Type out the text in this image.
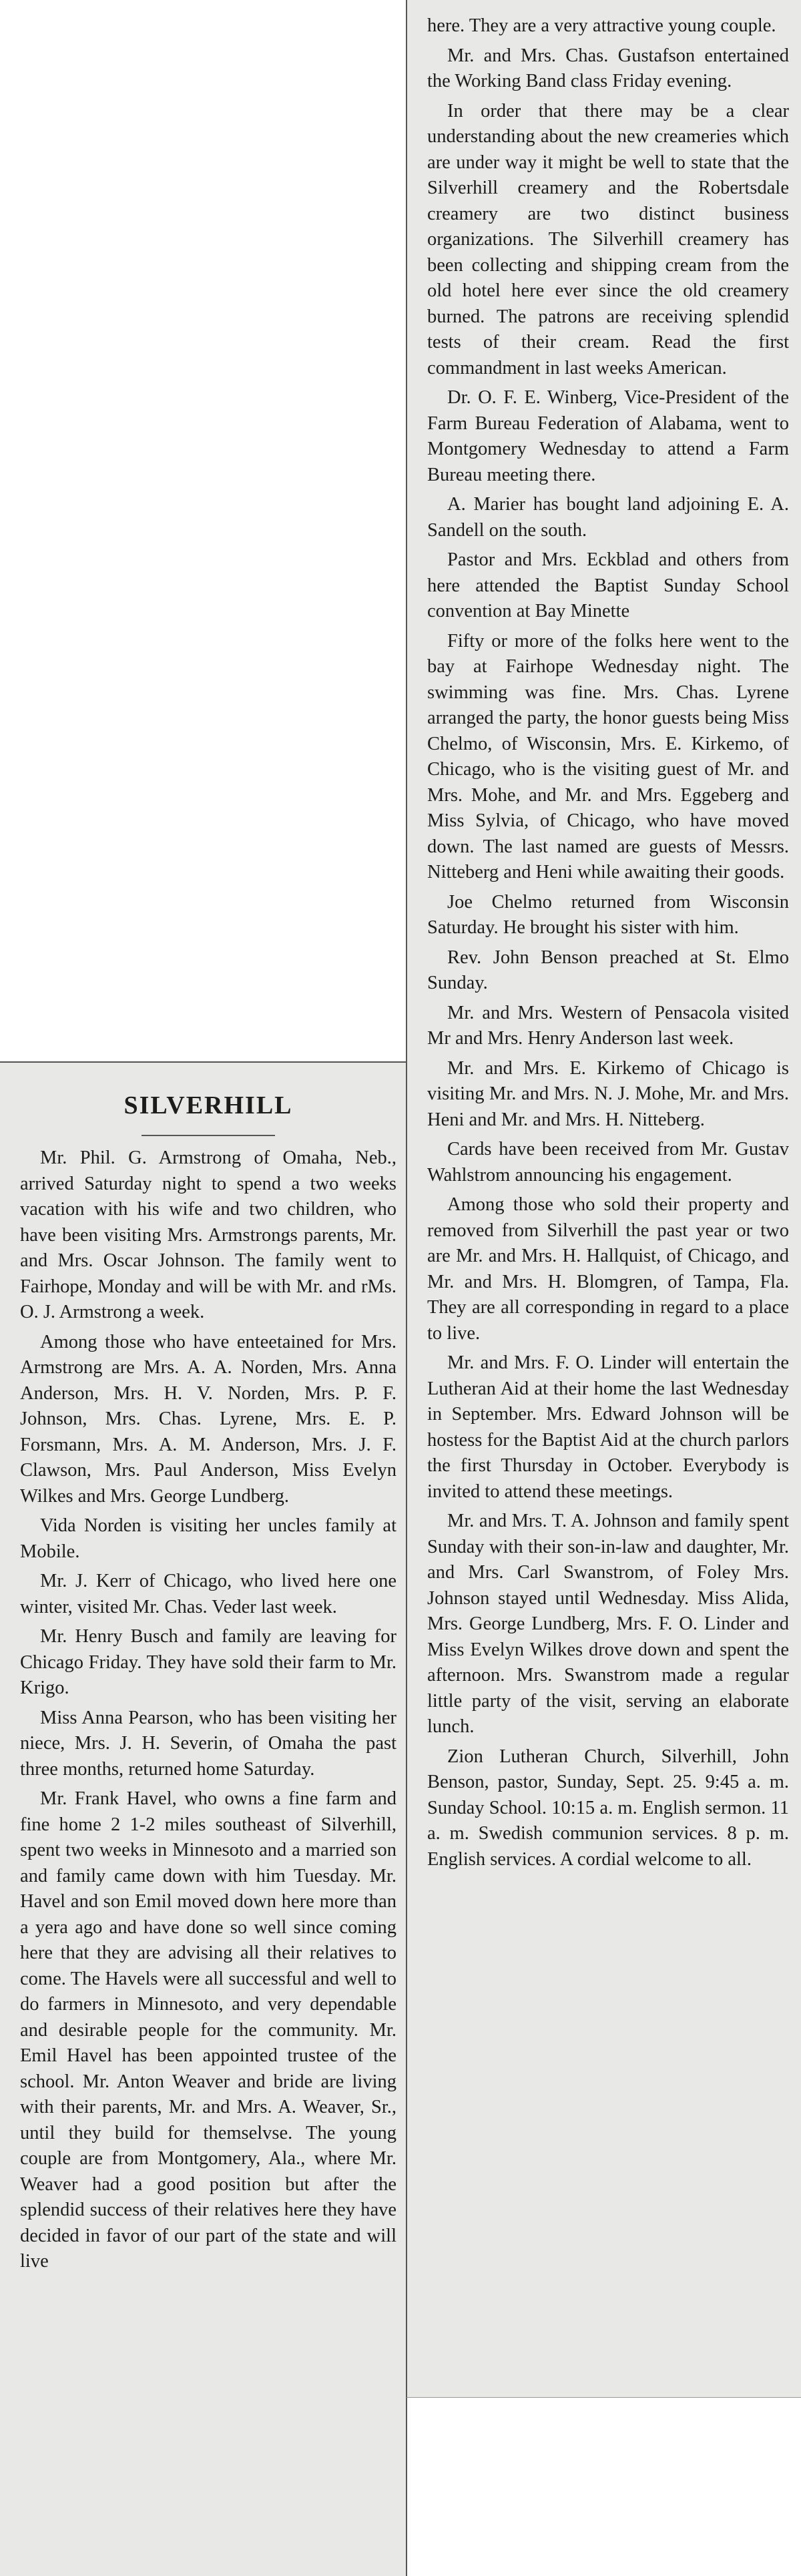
SILVERHILL

Mr. Phil. G. Armstrong of Omaha, Neb., arrived Saturday night to spend a two weeks vacation with his wife and two children, who have been visiting Mrs. Armstrongs parents, Mr. and Mrs. Oscar Johnson. The family went to Fairhope, Monday and will be with Mr. and rMs. O. J. Armstrong a week.

Among those who have enteetained for Mrs. Armstrong are Mrs. A. A. Norden, Mrs. Anna Anderson, Mrs. H. V. Norden, Mrs. P. F. Johnson, Mrs. Chas. Lyrene, Mrs. E. P. Forsmann, Mrs. A. M. Anderson, Mrs. J. F. Clawson, Mrs. Paul Anderson, Miss Evelyn Wilkes and Mrs. George Lundberg.

Vida Norden is visiting her uncles family at Mobile.

Mr. J. Kerr of Chicago, who lived here one winter, visited Mr. Chas. Veder last week.

Mr. Henry Busch and family are leaving for Chicago Friday. They have sold their farm to Mr. Krigo.

Miss Anna Pearson, who has been visiting her niece, Mrs. J. H. Severin, of Omaha the past three months, returned home Saturday.

Mr. Frank Havel, who owns a fine farm and fine home 2 1-2 miles southeast of Silverhill, spent two weeks in Minnesoto and a married son and family came down with him Tuesday. Mr. Havel and son Emil moved down here more than a yera ago and have done so well since coming here that they are advising all their relatives to come. The Havels were all successful and well to do farmers in Minnesoto, and very dependable and desirable people for the community. Mr. Emil Havel has been appointed trustee of the school. Mr. Anton Weaver and bride are living with their parents, Mr. and Mrs. A. Weaver, Sr., until they build for themselvse. The young couple are from Montgomery, Ala., where Mr. Weaver had a good position but after the splendid success of their relatives here they have decided in favor of our part of the state and will live

here. They are a very attractive young couple.

Mr. and Mrs. Chas. Gustafson entertained the Working Band class Friday evening.

In order that there may be a clear understanding about the new creameries which are under way it might be well to state that the Silverhill creamery and the Robertsdale creamery are two distinct business organizations. The Silverhill creamery has been collecting and shipping cream from the old hotel here ever since the old creamery burned. The patrons are receiving splendid tests of their cream. Read the first commandment in last weeks American.

Dr. O. F. E. Winberg, Vice-President of the Farm Bureau Federation of Alabama, went to Montgomery Wednesday to attend a Farm Bureau meeting there.

A. Marier has bought land adjoining E. A. Sandell on the south.

Pastor and Mrs. Eckblad and others from here attended the Baptist Sunday School convention at Bay Minette

Fifty or more of the folks here went to the bay at Fairhope Wednesday night. The swimming was fine. Mrs. Chas. Lyrene arranged the party, the honor guests being Miss Chelmo, of Wisconsin, Mrs. E. Kirkemo, of Chicago, who is the visiting guest of Mr. and Mrs. Mohe, and Mr. and Mrs. Eggeberg and Miss Sylvia, of Chicago, who have moved down. The last named are guests of Messrs. Nitteberg and Heni while awaiting their goods.

Joe Chelmo returned from Wisconsin Saturday. He brought his sister with him.

Rev. John Benson preached at St. Elmo Sunday.

Mr. and Mrs. Western of Pensacola visited Mr and Mrs. Henry Anderson last week.

Mr. and Mrs. E. Kirkemo of Chicago is visiting Mr. and Mrs. N. J. Mohe, Mr. and Mrs. Heni and Mr. and Mrs. H. Nitteberg.

Cards have been received from Mr. Gustav Wahlstrom announcing his engagement.

Among those who sold their property and removed from Silverhill the past year or two are Mr. and Mrs. H. Hallquist, of Chicago, and Mr. and Mrs. H. Blomgren, of Tampa, Fla. They are all corresponding in regard to a place to live.

Mr. and Mrs. F. O. Linder will entertain the Lutheran Aid at their home the last Wednesday in September. Mrs. Edward Johnson will be hostess for the Baptist Aid at the church parlors the first Thursday in October. Everybody is invited to attend these meetings.

Mr. and Mrs. T. A. Johnson and family spent Sunday with their son-in-law and daughter, Mr. and Mrs. Carl Swanstrom, of Foley Mrs. Johnson stayed until Wednesday. Miss Alida, Mrs. George Lundberg, Mrs. F. O. Linder and Miss Evelyn Wilkes drove down and spent the afternoon. Mrs. Swanstrom made a regular little party of the visit, serving an elaborate lunch.

Zion Lutheran Church, Silverhill, John Benson, pastor, Sunday, Sept. 25. 9:45 a. m. Sunday School. 10:15 a. m. English sermon. 11 a. m. Swedish communion services. 8 p. m. English services. A cordial welcome to all.
